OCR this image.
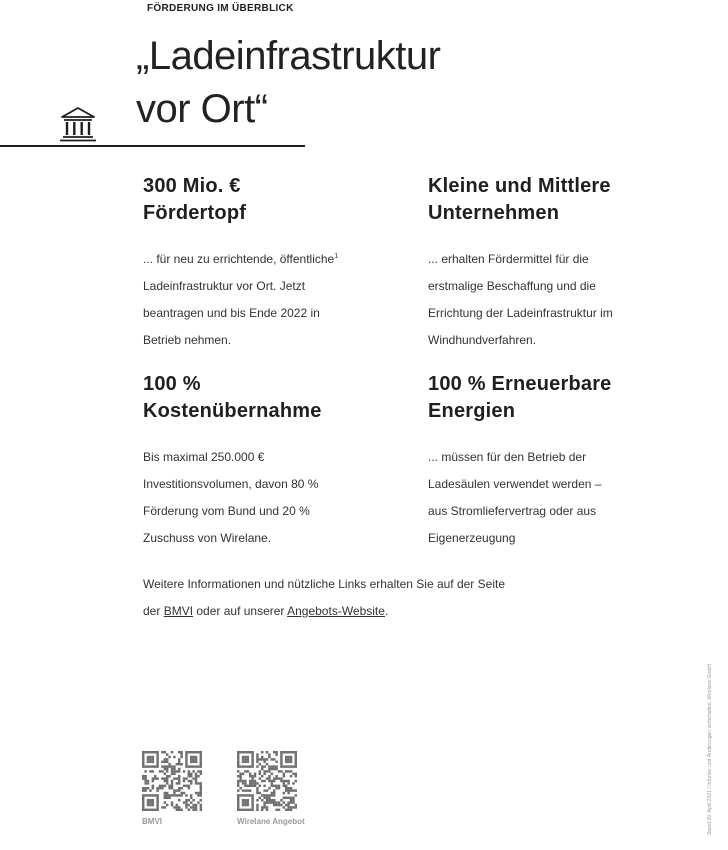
FÖRDERUNG IM ÜBERBLICK
„Ladeinfrastruktur
vor Ort“
300 Mio. €
Fördertopf

... für neu zu errichtende, öffentliche$^1$
Ladeinfrastruktur vor Ort. Jetzt
beantragen und bis Ende 2022 in
Betrieb nehmen.

Kleine und Mittlere
Unternehmen

... erhalten Fördermittel für die
erstmalige Beschaffung und die
Errichtung der Ladeinfrastruktur im
Windhundverfahren.

100 %
Kostenübernahme

Bis maximal 250.000 €
Investitionsvolumen, davon 80 %
Förderung vom Bund und 20 %
Zuschuss von Wirelane.

100 % Erneuerbare
Energien

... müssen für den Betrieb der
Ladesäulen verwendet werden –
aus Stromliefervertrag oder aus
Eigenerzeugung

Weitere Informationen und nützliche Links erhalten Sie auf der Seite
der BMVI oder auf unserer Angebots-Website.
BMVI	Wirelane Angebot	Stand 09. April 2021 / Irrtümer und Änderungen vorbehalten. Wirelane GmbH
